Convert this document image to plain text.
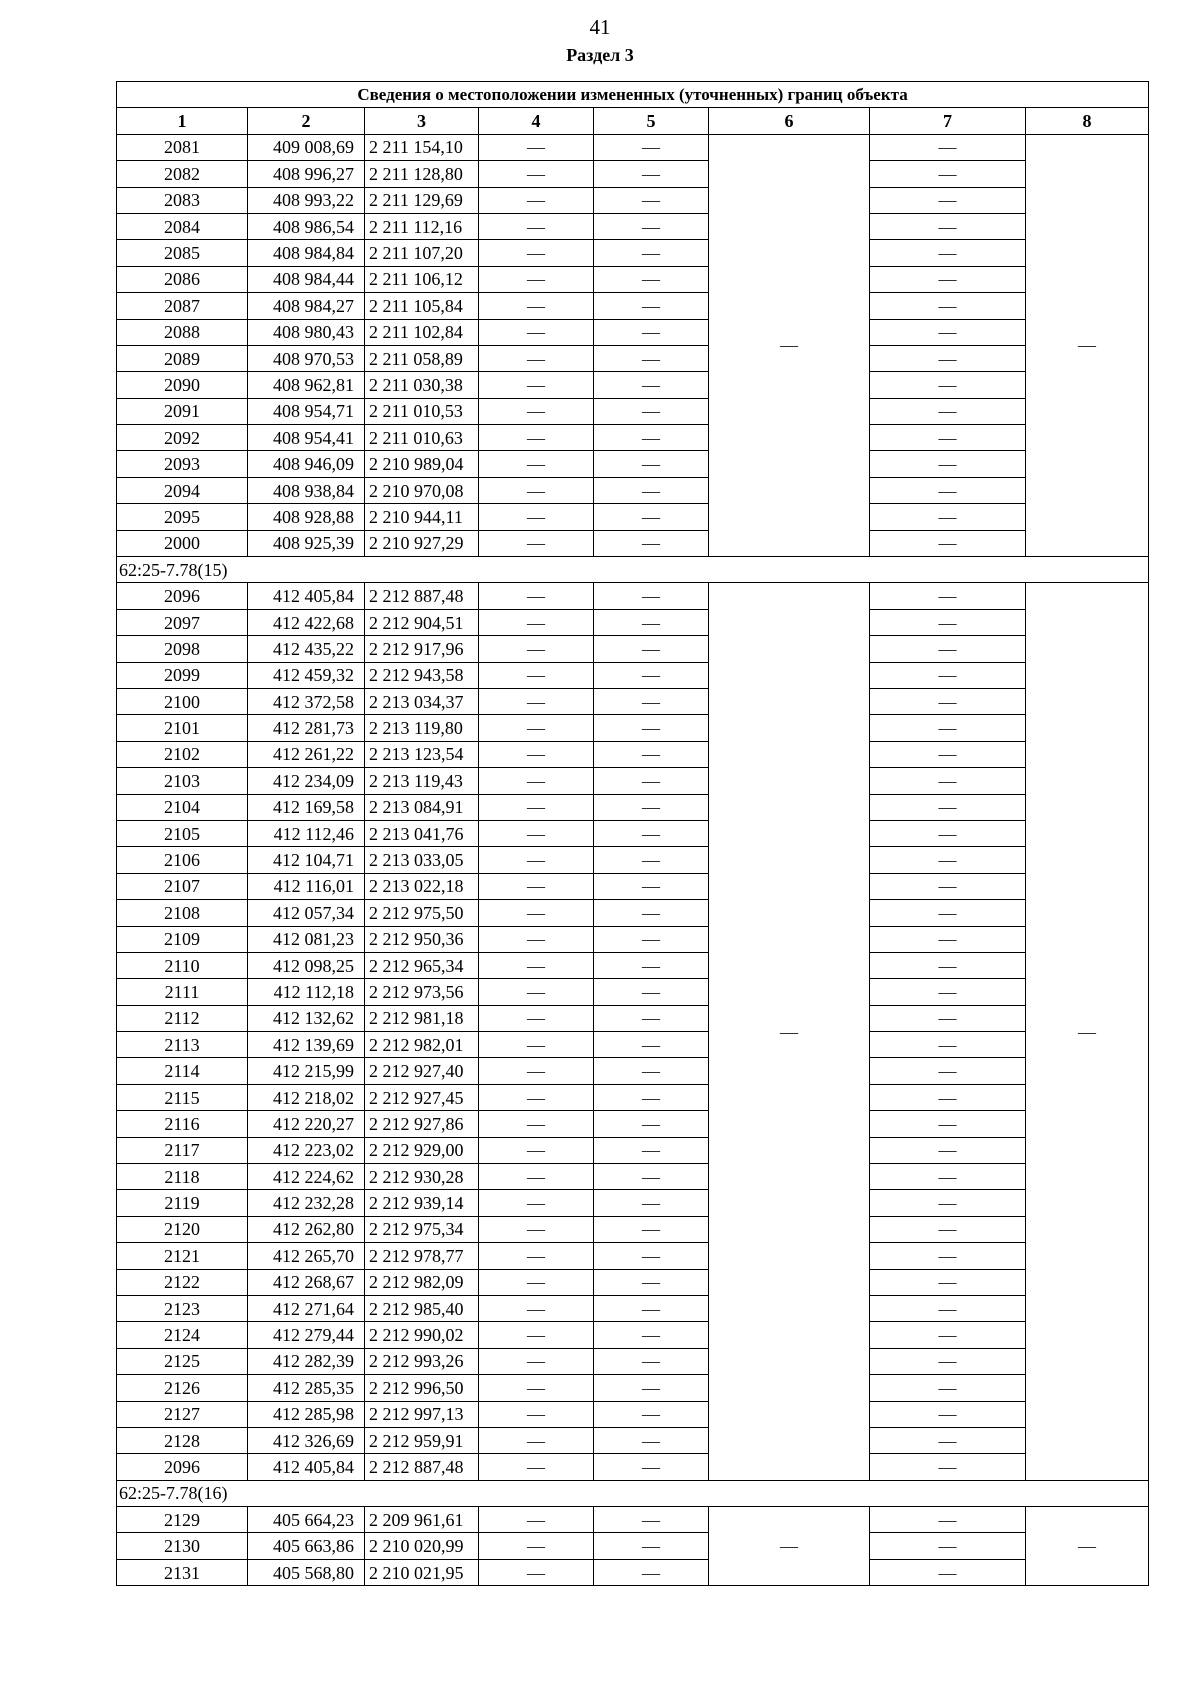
41
Раздел 3
Сведения о местоположении измененных (уточненных) границ объекта							
1	2	3	4	5	6	7	8
2081	409 008,69	2 211 154,10	—	—	—	—	—
2082	408 996,27	2 211 128,80	—	—		—	
2083	408 993,22	2 211 129,69	—	—		—	
2084	408 986,54	2 211 112,16	—	—		—	
2085	408 984,84	2 211 107,20	—	—		—	
2086	408 984,44	2 211 106,12	—	—		—	
2087	408 984,27	2 211 105,84	—	—		—	
2088	408 980,43	2 211 102,84	—	—		—	
2089	408 970,53	2 211 058,89	—	—		—	
2090	408 962,81	2 211 030,38	—	—		—	
2091	408 954,71	2 211 010,53	—	—		—	
2092	408 954,41	2 211 010,63	—	—		—	
2093	408 946,09	2 210 989,04	—	—		—	
2094	408 938,84	2 210 970,08	—	—		—	
2095	408 928,88	2 210 944,11	—	—		—	
2000	408 925,39	2 210 927,29	—	—		—	
62:25-7.78(15)							
2096	412 405,84	2 212 887,48	—	—	—	—	—
2097	412 422,68	2 212 904,51	—	—		—	
2098	412 435,22	2 212 917,96	—	—		—	
2099	412 459,32	2 212 943,58	—	—		—	
2100	412 372,58	2 213 034,37	—	—		—	
2101	412 281,73	2 213 119,80	—	—		—	
2102	412 261,22	2 213 123,54	—	—		—	
2103	412 234,09	2 213 119,43	—	—		—	
2104	412 169,58	2 213 084,91	—	—		—	
2105	412 112,46	2 213 041,76	—	—		—	
2106	412 104,71	2 213 033,05	—	—		—	
2107	412 116,01	2 213 022,18	—	—		—	
2108	412 057,34	2 212 975,50	—	—		—	
2109	412 081,23	2 212 950,36	—	—		—	
2110	412 098,25	2 212 965,34	—	—		—	
2111	412 112,18	2 212 973,56	—	—		—	
2112	412 132,62	2 212 981,18	—	—		—	
2113	412 139,69	2 212 982,01	—	—		—	
2114	412 215,99	2 212 927,40	—	—		—	
2115	412 218,02	2 212 927,45	—	—		—	
2116	412 220,27	2 212 927,86	—	—		—	
2117	412 223,02	2 212 929,00	—	—		—	
2118	412 224,62	2 212 930,28	—	—		—	
2119	412 232,28	2 212 939,14	—	—		—	
2120	412 262,80	2 212 975,34	—	—		—	
2121	412 265,70	2 212 978,77	—	—		—	
2122	412 268,67	2 212 982,09	—	—		—	
2123	412 271,64	2 212 985,40	—	—		—	
2124	412 279,44	2 212 990,02	—	—		—	
2125	412 282,39	2 212 993,26	—	—		—	
2126	412 285,35	2 212 996,50	—	—		—	
2127	412 285,98	2 212 997,13	—	—		—	
2128	412 326,69	2 212 959,91	—	—		—	
2096	412 405,84	2 212 887,48	—	—		—	
62:25-7.78(16)							
2129	405 664,23	2 209 961,61	—	—	—	—	—
2130	405 663,86	2 210 020,99	—	—		—	
2131	405 568,80	2 210 021,95	—	—		—	
